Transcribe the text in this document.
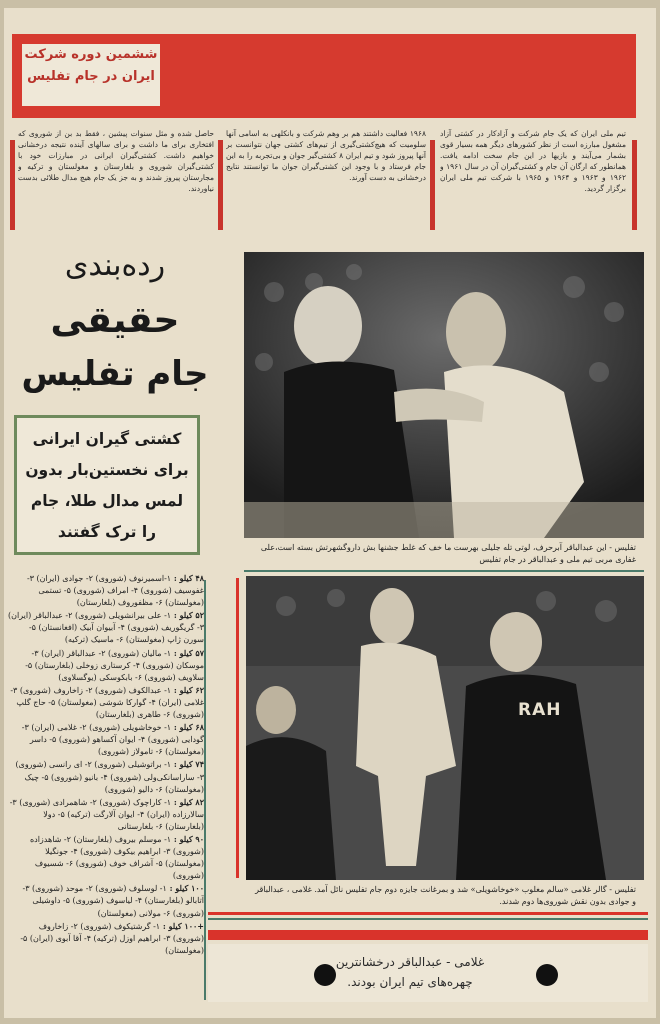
ششمین دوره شرکت
ایران در جام تفلیس
تیم ملی ایران که یک جام شرکت و آزادکار در کشتی آزاد مشغول مبارزه است از نظر کشورهای دیگر همه بسیار قوی بشمار می‌آیند و بازیها در این جام سخت ادامه یافت. همانطور که ارگان آن جام و کشتی‌گیران آن در سال ۱۹۶۱ و ۱۹۶۲ و ۱۹۶۳ و ۱۹۶۴ و ۱۹۶۵ با شرکت تیم ملی ایران برگزار گردید.
۱۹۶۸ فعالیت داشتند هم بر وهم شرکت و بانکلهی به اسامی آنها سلومیت که هیچ‌کشتی‌گیری از تیم‌های کشتی جهان نتوانست بر آنها پیروز شود و تیم ایران ۸ کشتی‌گیر جوان و بی‌تجربه را به این جام فرستاد و با وجود این کشتی‌گیران جوان ما توانستند نتایج درخشانی به دست آورند.
حاصل شده و مثل سنوات پیشین ، فقط بد بن از شوروی که افتخاری برای ما داشت و برای سالهای آینده نتیجه درخشانی خواهیم داشت. کشتی‌گیران ایرانی در مبارزات خود با کشتی‌گیران شوروی و بلغارستان و مغولستان و ترکیه و مجارستان پیروز شدند و به جز یک جام هیچ مدال طلائی بدست نیاوردند.
رده‌بندی
حقیقی
جام تفلیس
کشتی گیران ایرانی
برای نخستین‌بار بدون
لمس مدال طلا، جام
را ترک گفتند
تفلیس - این عبدالباقر آبرحرف، لوتی تله جلیلی بهرست ما خف که غلط جشنها بش داروگشهرتش بسته است،علی غفاری مربی تیم ملی و عبدالباقر در جام تفلیس
RAH
تفلیس - گالر غلامی «سالم مغلوب «خوخاشویلی» شد و بمرغانت جایزه دوم جام تفلیس نائل آمد. غلامی ، عبدالباقر و جوادی بدون نقش شوروی‌ها دوم شدند.
۴۸ کیلو : ۱-اسمیرنوف (شوروی) ۲- جوادی (ایران) ۳- غفوسیف (شوروی) ۴- امراف (شوروی) ۵- تستمی (مغولستان) ۶- مظفوروف (بلغارستان)
۵۲ کیلو : ۱- علی بیرانشویلی (شوروی) ۲- عبدالباقر (ایران) ۳- گریگوریف (شوروی) ۴- آبیوان آبیک (افغانستان) ۵- سورن ژاپ (مغولستان) ۶- ماسیک (ترکیه)
۵۷ کیلو : ۱- مالیان (شوروی) ۲- عبدالباقر (ایران) ۳- موسکان (شوروی) ۴- کرستاری زوخلی (بلغارستان) ۵- سلاویف (شوروی) ۶- بابکوسکی (یوگسلاوی)
۶۲ کیلو : ۱- عبدالکوف (شوروی) ۲- زاخاروف (شوروی) ۳- غلامی (ایران) ۴- گوارکا شوشی (مغولستان) ۵- حاج گلپ (شوروی) ۶- طاهری (بلغارستان)
۶۸ کیلو : ۱- خوخاشویلی (شوروی) ۲- غلامی (ایران) ۳- گودایی (شوروی) ۴- ایوان آکساهو (شوروی) ۵- داسر (مغولستان) ۶- تامولاز (شوروی)
۷۴ کیلو : ۱- براتوشیلی (شوروی) ۲- ای رانسی (شوروی) ۳- ساراسانکی‌ولی (شوروی) ۴- بانیو (شوروی) ۵- چیک (مغولستان) ۶- دالیو (شوروی)
۸۲ کیلو : ۱- کاراچوک (شوروی) ۲- شاهمرادی (شوروی) ۳- سالارزاده (ایران) ۴- ایوان آلارگت (ترکیه) ۵- دولا (بلغارستان) ۶- بلغارستانی
۹۰ کیلو : ۱- موسلم بیروف (بلغارستان) ۲- شاهدزاده (شوروی) ۳- ابراهیم بیکوف (شوروی) ۴- جونگیلا (مغولستان) ۵- آشراف خوف (شوروی) ۶- شسیوف (شوروی)
۱۰۰ کیلو : ۱- لوسلوف (شوروی) ۲- موحد (شوروی) ۳- آتابالو (بلغارستان) ۴- لیاسوف (شوروی) ۵- داوشیلی (شوروی) ۶- مولانی (مغولستان)
+۱۰۰ کیلو : ۱- گرشتیکوف (شوروی) ۲- زاخاروف (شوروی) ۳- ابراهیم اوزل (ترکیه) ۴- آقا آبوی (ایران) ۵- (مغولستان)
غلامی - عبدالباقر درخشانترین
چهره‌های تیم ایران بودند.
